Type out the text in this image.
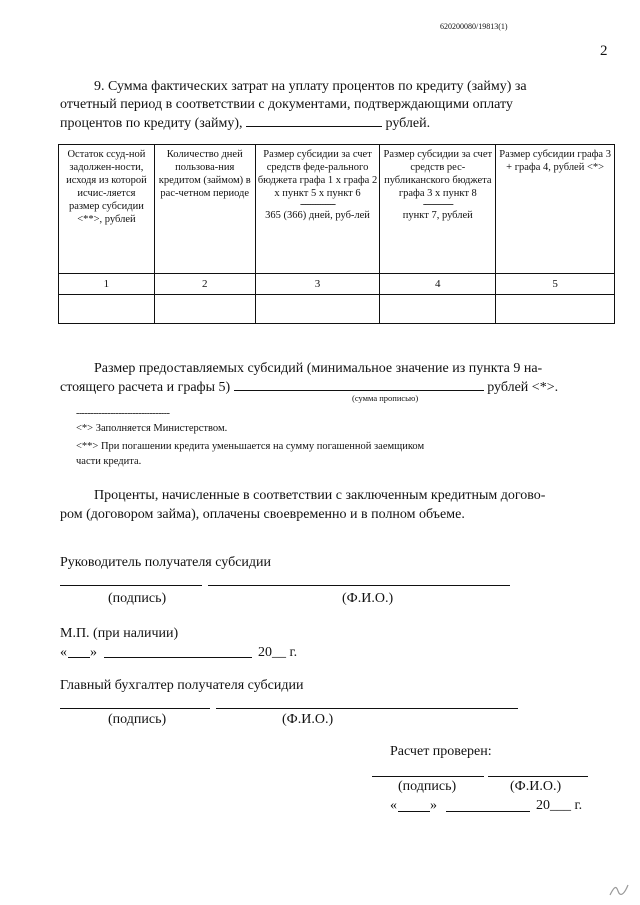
620200080/19813(1)
2
9. Сумма фактических затрат на уплату процентов по кредиту (займу) за
отчетный период в соответствии с документами, подтверждающими оплату
процентов по кредиту (займу),	рублей.
Остаток ссуд-ной задолжен-ности, исходя из которой исчис-ляется размер субсидии <**>, рублей	Количество дней пользова-ния кредитом (займом) в рас-четном периоде	Размер субсидии за счет средств феде-рального бюджета графа 1 x графа 2 x пункт 5 x пункт 6
--------------
365 (366) дней, руб-лей	Размер субсидии за счет средств рес-публиканского бюджета графа 3 x пункт 8
------------
пункт 7, рублей	Размер субсидии графа 3 + графа 4, рублей <*>
1	2	3	4	5

Размер предоставляемых субсидий (минимальное значение из пункта 9 на-
стоящего расчета и графы 5)	рублей <*>.
(сумма прописью)
---------------------------------
<*> Заполняется Министерством.
<**> При погашении кредита уменьшается на сумму погашенной заемщиком
части кредита.
Проценты, начисленные в соответствии с заключенным кредитным догово-
ром (договором займа), оплачены своевременно и в полном объеме.
Руководитель получателя субсидии
(подпись)	(Ф.И.О.)
М.П. (при наличии)
« »	20__ г.
Главный бухгалтер получателя субсидии
(подпись)	(Ф.И.О.)
Расчет проверен:
(подпись)	(Ф.И.О.)
« »	20___ г.
